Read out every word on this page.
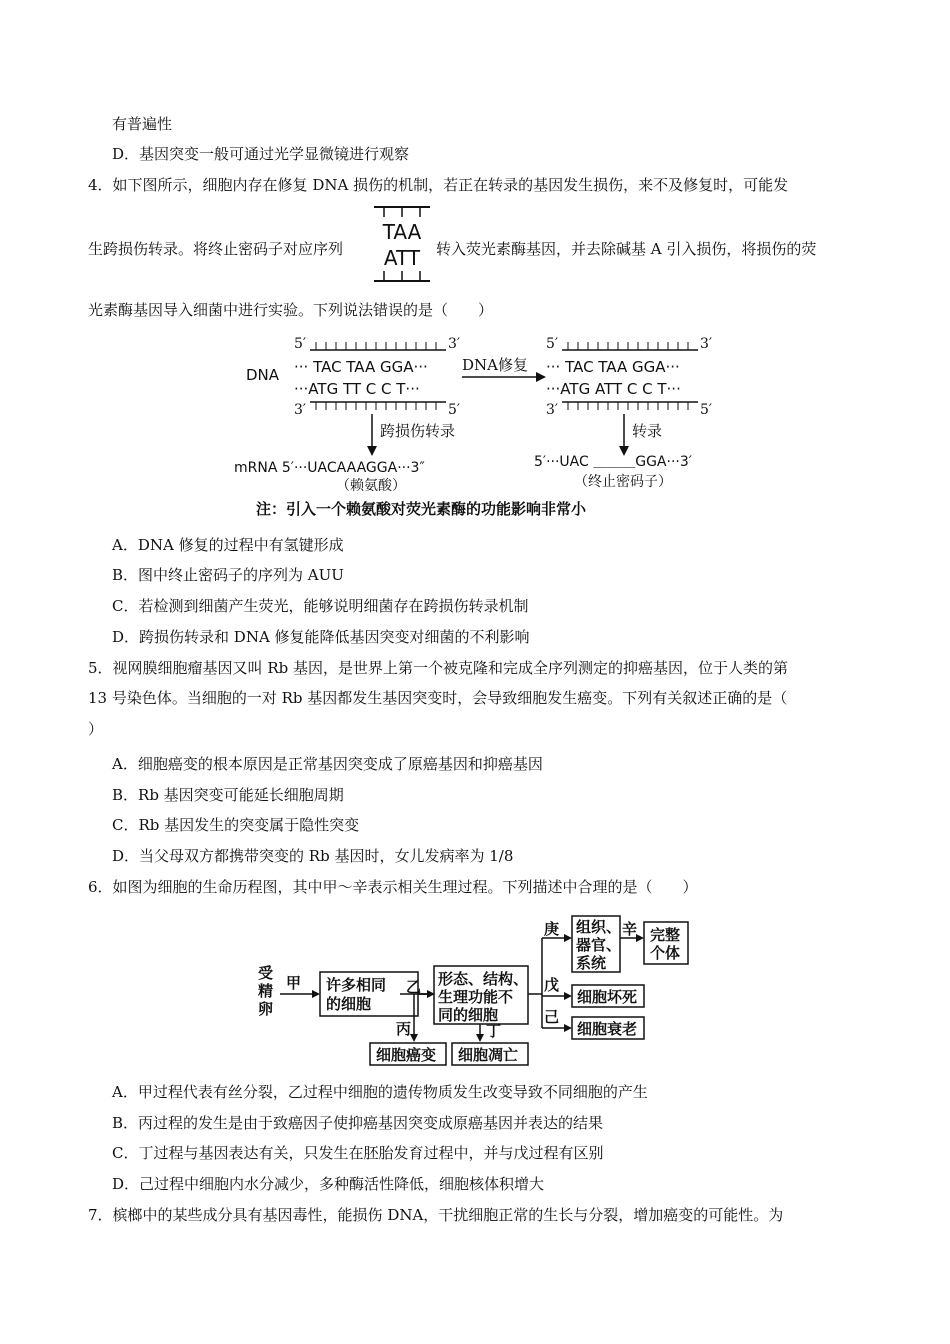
有普遍性
D．基因突变一般可通过光学显微镜进行观察
4．如下图所示，细胞内存在修复 DNA 损伤的机制，若正在转录的基因发生损伤，来不及修复时，可能发
生跨损伤转录。将终止密码子对应序列
TAA
ATT 转入荧光素酶基因，并去除碱基 A 引入损伤，将损伤的荧
光素酶基因导入细菌中进行实验。下列说法错误的是（　　）
DNA
5′	3′
··· TAC TAA GGA···
···ATG TT C C T···
3′	5′
DNA修复
5′	3′
··· TAC TAA GGA···
···ATG ATT C C T···
3′	5′
跨损伤转录	转录
mRNA 5′···UACAAAGGA···3″
（赖氨酸）
5′···UAC ＿＿＿GGA···3′
（终止密码子）
注：引入一个赖氨酸对荧光素酶的功能影响非常小
A．DNA 修复的过程中有氢键形成
B．图中终止密码子的序列为 AUU
C．若检测到细菌产生荧光，能够说明细菌存在跨损伤转录机制
D．跨损伤转录和 DNA 修复能降低基因突变对细菌的不利影响
5．视网膜细胞瘤基因又叫 Rb 基因，是世界上第一个被克隆和完成全序列测定的抑癌基因，位于人类的第
13 号染色体。当细胞的一对 Rb 基因都发生基因突变时，会导致细胞发生癌变。下列有关叙述正确的是（
）
A．细胞癌变的根本原因是正常基因突变成了原癌基因和抑癌基因
B．Rb 基因突变可能延长细胞周期
C．Rb 基因发生的突变属于隐性突变
D．当父母双方都携带突变的 Rb 基因时，女儿发病率为 1/8
6．如图为细胞的生命历程图，其中甲～辛表示相关生理过程。下列描述中合理的是（　　）
受
精
卵
甲 许多相同
的细胞
乙
丙
形态、结构、
生理功能不
同的细胞
丁
细胞癌变 细胞凋亡
庚
戊
己
组织、
器官、
系统
辛 完整
个体
细胞坏死
细胞衰老
A．甲过程代表有丝分裂，乙过程中细胞的遗传物质发生改变导致不同细胞的产生
B．丙过程的发生是由于致癌因子使抑癌基因突变成原癌基因并表达的结果
C．丁过程与基因表达有关，只发生在胚胎发育过程中，并与戊过程有区别
D．己过程中细胞内水分减少，多种酶活性降低，细胞核体积增大
7．槟榔中的某些成分具有基因毒性，能损伤 DNA，干扰细胞正常的生长与分裂，增加癌变的可能性。为
